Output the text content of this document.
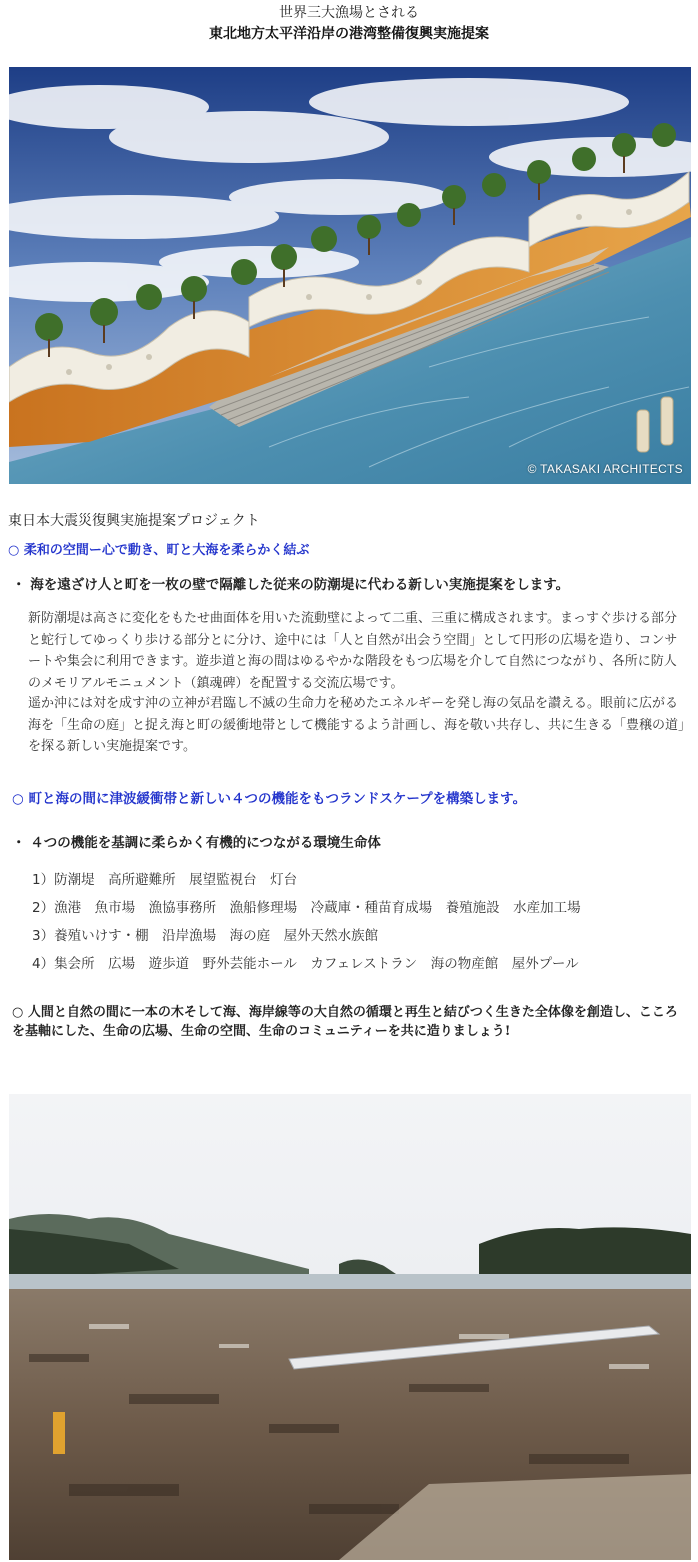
世界三大漁場とされる
東北地方太平洋沿岸の港湾整備復興実施提案
© TAKASAKI ARCHITECTS
東日本大震災復興実施提案プロジェクト
○ 柔和の空間ー心で動き、町と大海を柔らかく結ぶ
・ 海を遠ざけ人と町を一枚の壁で隔離した従来の防潮堤に代わる新しい実施提案をします。
新防潮堤は高さに変化をもたせ曲面体を用いた流動壁によって二重、三重に構成されます。まっすぐ歩ける部分と蛇行してゆっくり歩ける部分とに分け、途中には「人と自然が出会う空間」として円形の広場を造り、コンサートや集会に利用できます。遊歩道と海の間はゆるやかな階段をもつ広場を介して自然につながり、各所に防人のメモリアルモニュメント（鎮魂碑）を配置する交流広場です。
遥か沖には対を成す沖の立神が君臨し不滅の生命力を秘めたエネルギーを発し海の気品を讃える。眼前に広がる海を「生命の庭」と捉え海と町の緩衝地帯として機能するよう計画し、海を敬い共存し、共に生きる「豊穣の道」を探る新しい実施提案です。
○ 町と海の間に津波緩衝帯と新しい４つの機能をもつランドスケープを構築します。
・ ４つの機能を基調に柔らかく有機的につながる環境生命体
1）防潮堤　高所避難所　展望監視台　灯台
2）漁港　魚市場　漁協事務所　漁船修理場　冷蔵庫・種苗育成場　養殖施設　水産加工場
3）養殖いけす・棚　沿岸漁場　海の庭　屋外天然水族館
4）集会所　広場　遊歩道　野外芸能ホール　カフェレストラン　海の物産館　屋外プール
○ 人間と自然の間に一本の木そして海、海岸線等の大自然の循環と再生と結びつく生きた全体像を創造し、こころを基軸にした、生命の広場、生命の空間、生命のコミュニティーを共に造りましょう!
